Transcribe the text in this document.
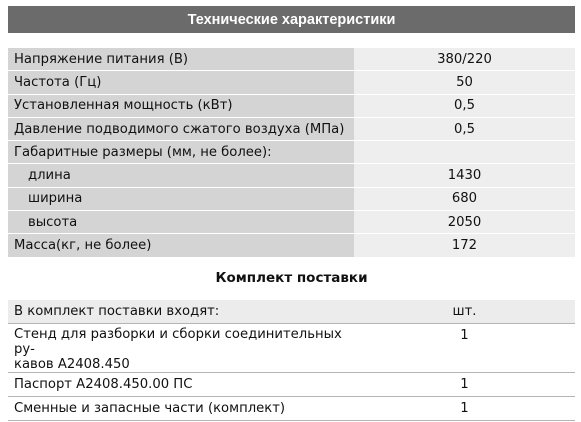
Технические характеристики
Напряжение питания (В)	380/220
Частота (Гц)	50
Установленная мощность (кВт)	0,5
Давление подводимого сжатого воздуха (МПа)	0,5
Габаритные размеры (мм, не более):	
длина	1430
ширина	680
высота	2050
Масса(кг, не более)	172
Комплект поставки
В комплект поставки входят:	шт.
Стенд для разборки и сборки соединительных ру-
кавов А2408.450	1
Паспорт А2408.450.00 ПС	1
Сменные и запасные части (комплект)	1
